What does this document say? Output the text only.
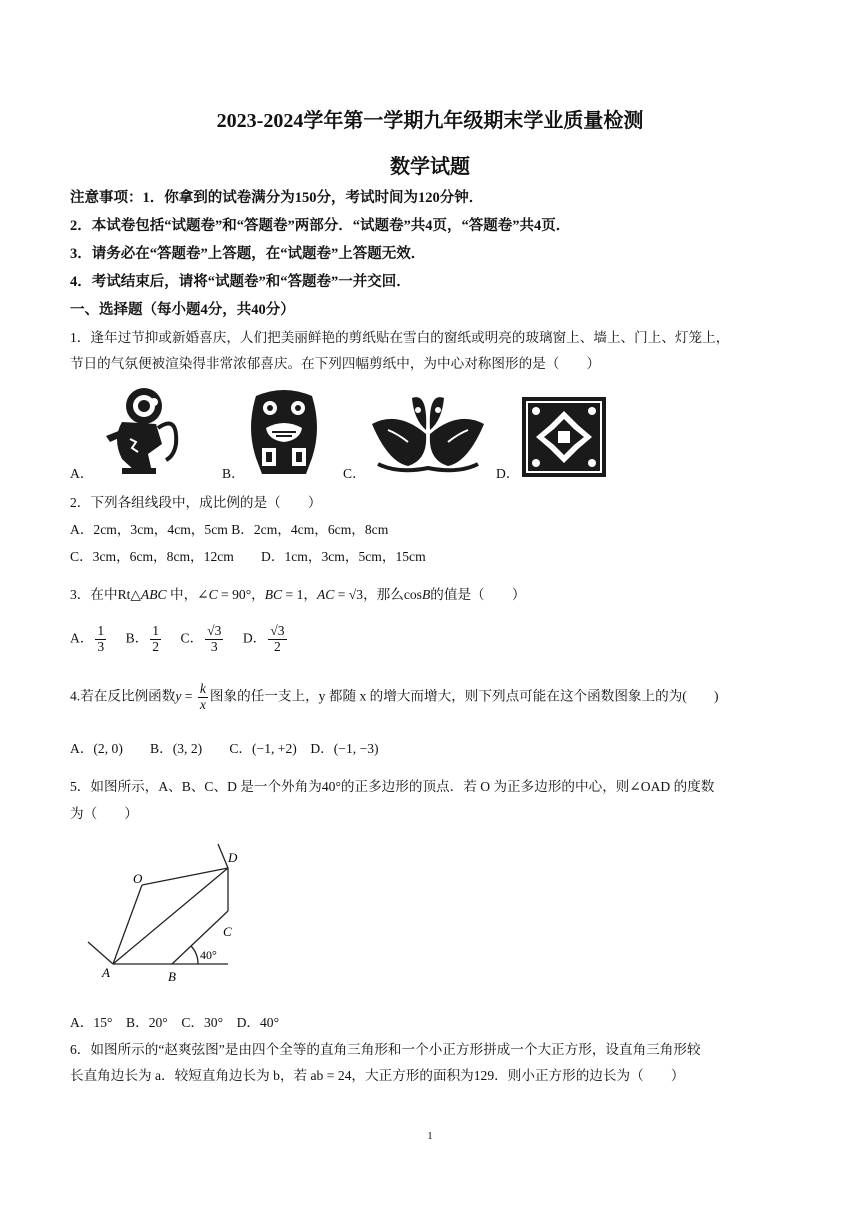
2023-2024学年第一学期九年级期末学业质量检测
数学试题
注意事项：1．你拿到的试卷满分为150分，考试时间为120分钟．
2．本试卷包括“试题卷”和“答题卷”两部分．“试题卷”共4页，“答题卷”共4页．
3．请务必在“答题卷”上答题，在“试题卷”上答题无效．
4．考试结束后，请将“试题卷”和“答题卷”一并交回．
一、选择题（每小题4分，共40分）
1．逢年过节抑或新婚喜庆，人们把美丽鲜艳的剪纸贴在雪白的窗纸或明亮的玻璃窗上、墙上、门上、灯笼上，
节日的气氛便被渲染得非常浓郁喜庆。在下列四幅剪纸中，为中心对称图形的是（　　）
A．	B．	C．	D．
2．下列各组线段中，成比例的是（　　）
A．2cm，3cm，4cm，5cm B．2cm，4cm，6cm，8cm
C．3cm，6cm，8cm，12cm　　D．1cm，3cm，5cm，15cm
3．在中Rt△ABC 中，∠C = 90°，BC = 1，AC = √3，那么cosB的值是（　　）
A． $\frac{1}{3}$ B． $\frac{1}{2}$ C． $\frac{√3}{3}$ D． $\frac{√3}{2}$
4.若在反比例函数$y = \frac{k}{x}$ 图象的任一支上，y 都随 x 的增大而增大，则下列点可能在这个函数图象上的为(　　)
A．(2, 0)　　B．(3, 2)　　C．(−1, +2)　D．(−1, −3)
5．如图所示，A、B、C、D 是一个外角为40°的正多边形的顶点．若 O 为正多边形的中心，则∠OAD 的度数
为（　　）
O
D
C
A	B
40°
A．15°　B．20°　C．30°　D．40°
6．如图所示的“赵爽弦图”是由四个全等的直角三角形和一个小正方形拼成一个大正方形，设直角三角形较
长直角边长为 a．较短直角边长为 b，若 ab = 24，大正方形的面积为129．则小正方形的边长为（　　）
1
